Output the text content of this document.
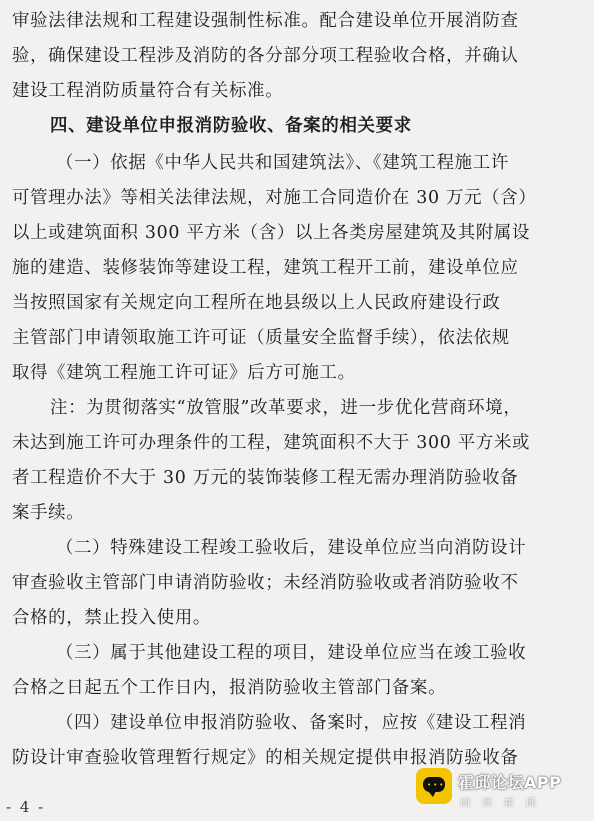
审验法律法规和工程建设强制性标准。配合建设单位开展消防查
验，确保建设工程涉及消防的各分部分项工程验收合格，并确认
建设工程消防质量符合有关标准。
四、建设单位申报消防验收、备案的相关要求
（一）依据《中华人民共和国建筑法》、《建筑工程施工许
可管理办法》等相关法律法规，对施工合同造价在 30 万元（含）
以上或建筑面积 300 平方米（含）以上各类房屋建筑及其附属设
施的建造、装修装饰等建设工程，建筑工程开工前，建设单位应
当按照国家有关规定向工程所在地县级以上人民政府建设行政
主管部门申请领取施工许可证（质量安全监督手续），依法依规
取得《建筑工程施工许可证》后方可施工。
注：为贯彻落实“放管服”改革要求，进一步优化营商环境，
未达到施工许可办理条件的工程，建筑面积不大于 300 平方米或
者工程造价不大于 30 万元的装饰装修工程无需办理消防验收备
案手续。
（二）特殊建设工程竣工验收后，建设单位应当向消防设计
审查验收主管部门申请消防验收；未经消防验收或者消防验收不
合格的，禁止投入使用。
（三）属于其他建设工程的项目，建设单位应当在竣工验收
合格之日起五个工作日内，报消防验收主管部门备案。
（四）建设单位申报消防验收、备案时，应按《建设工程消
防设计审查验收管理暂行规定》的相关规定提供申报消防验收备
- 4 -
••• 霍邱论坛APP
阅读霍邱
